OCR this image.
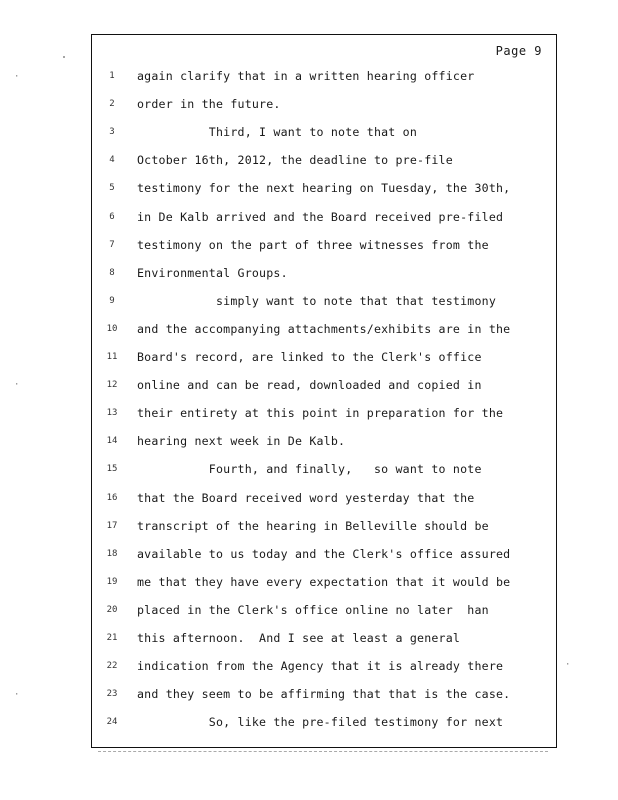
Page 9
1	again clarify that in a written hearing officer
2	order in the future.
3	Third, I want to note that on
4	October 16th, 2012, the deadline to pre-file
5	testimony for the next hearing on Tuesday, the 30th,
6	in De Kalb arrived and the Board received pre-filed
7	testimony on the part of three witnesses from the
8	Environmental Groups.
9	simply want to note that that testimony
10	and the accompanying attachments/exhibits are in the
11	Board's record, are linked to the Clerk's office
12	online and can be read, downloaded and copied in
13	their entirety at this point in preparation for the
14	hearing next week in De Kalb.
15	Fourth, and finally,   so want to note
16	that the Board received word yesterday that the
17	transcript of the hearing in Belleville should be
18	available to us today and the Clerk's office assured
19	me that they have every expectation that it would be
20	placed in the Clerk's office online no later  han
21	this afternoon.  And I see at least a general
22	indication from the Agency that it is already there
23	and they seem to be affirming that that is the case.
24	So, like the pre-filed testimony for next
·
·
·
·
